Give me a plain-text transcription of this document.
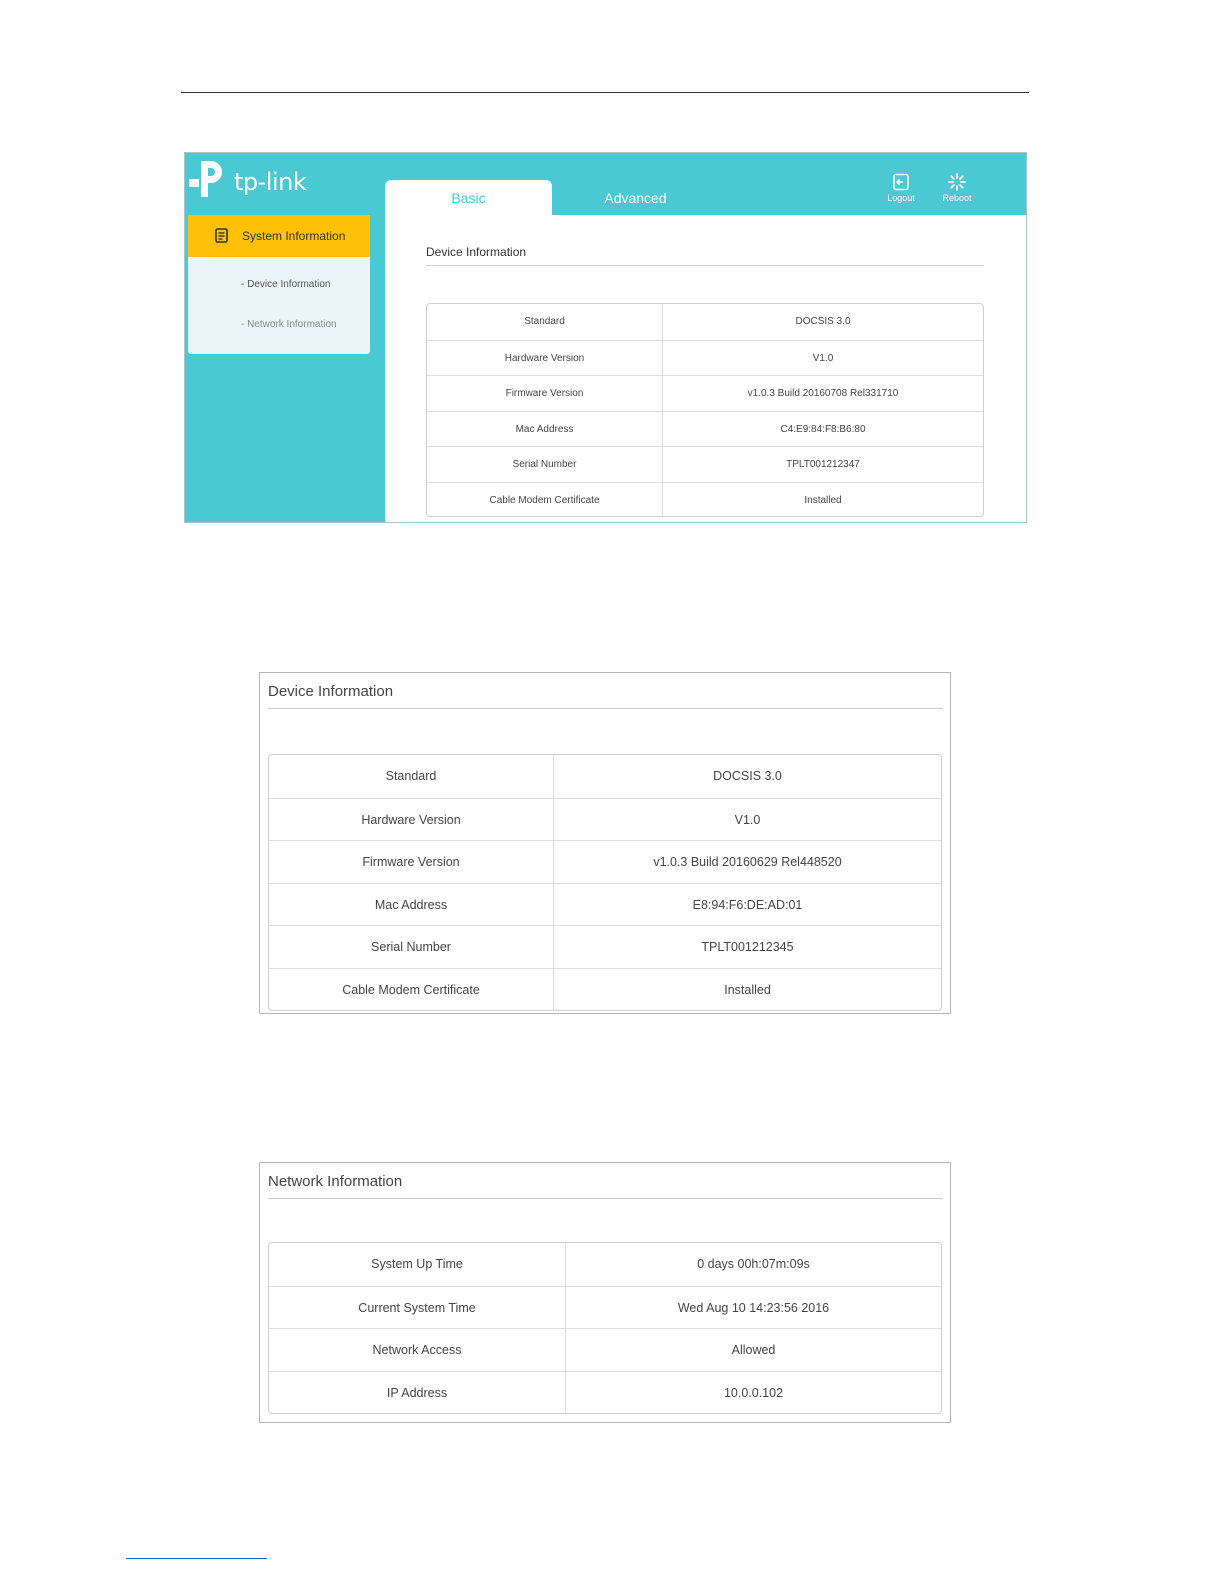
tp-link
Basic	Advanced	Logout	Reboot
System Information
- Device Information
- Network Information
Device Information
Standard	DOCSIS 3.0
Hardware Version	V1.0
Firmware Version	v1.0.3 Build 20160708 Rel331710
Mac Address	C4:E9:84:F8:B6:80
Serial Number	TPLT001212347
Cable Modem Certificate	Installed
Device Information
Standard	DOCSIS 3.0
Hardware Version	V1.0
Firmware Version	v1.0.3 Build 20160629 Rel448520
Mac Address	E8:94:F6:DE:AD:01
Serial Number	TPLT001212345
Cable Modem Certificate	Installed
Network Information
System Up Time	0 days 00h:07m:09s
Current System Time	Wed Aug 10 14:23:56 2016
Network Access	Allowed
IP Address	10.0.0.102
